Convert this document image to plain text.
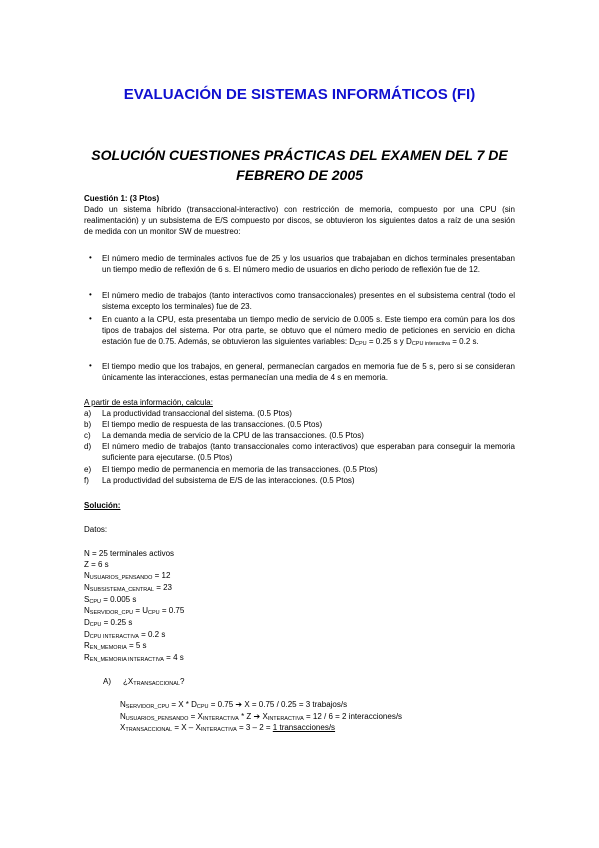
EVALUACIÓN DE SISTEMAS INFORMÁTICOS (FI)
SOLUCIÓN CUESTIONES PRÁCTICAS DEL EXAMEN DEL 7 DE FEBRERO DE 2005
Cuestión 1: (3 Ptos)
Dado un sistema híbrido (transaccional-interactivo) con restricción de memoria, compuesto por una CPU (sin realimentación) y un subsistema de E/S compuesto por discos, se obtuvieron los siguientes datos a raíz de una sesión de medida con un monitor SW de muestreo:
• El número medio de terminales activos fue de 25 y los usuarios que trabajaban en dichos terminales presentaban un tiempo medio de reflexión de 6 s. El número medio de usuarios en dicho periodo de reflexión fue de 12.
• El número medio de trabajos (tanto interactivos como transaccionales) presentes en el subsistema central (todo el sistema excepto los terminales) fue de 23.
• En cuanto a la CPU, esta presentaba un tiempo medio de servicio de 0.005 s. Este tiempo era común para los dos tipos de trabajos del sistema. Por otra parte, se obtuvo que el número medio de peticiones en servicio en dicha estación fue de 0.75. Además, se obtuvieron las siguientes variables: $D_{CPU} = 0.25$ s y $D_{CPU interactiva} = 0.2$ s.
• El tiempo medio que los trabajos, en general, permanecían cargados en memoria fue de 5 s, pero si se consideran únicamente las interacciones, estas permanecían una media de 4 s en memoria.
A partir de esta información, calcula:
a) La productividad transaccional del sistema. (0.5 Ptos)
b) El tiempo medio de respuesta de las transacciones. (0.5 Ptos)
c) La demanda media de servicio de la CPU de las transacciones. (0.5 Ptos)
d) El número medio de trabajos (tanto transaccionales como interactivos) que esperaban para conseguir la memoria suficiente para ejecutarse. (0.5 Ptos)
e) El tiempo medio de permanencia en memoria de las transacciones. (0.5 Ptos)
f) La productividad del subsistema de E/S de las interacciones. (0.5 Ptos)
Solución:
Datos:
N = 25 terminales activos
Z = 6 s
$N_{USUARIOS\_PENSANDO} = 12$
$N_{SUBSISTEMA\_CENTRAL} = 23$
$S_{CPU} = 0.005$ s
$N_{SERVIDOR\_CPU} = U_{CPU} = 0.75$
$D_{CPU} = 0.25$ s
$D_{CPU INTERACTIVA} = 0.2$ s
$R_{EN\_MEMORIA} = 5$ s
$R_{EN\_MEMORIA INTERACTIVA} = 4$ s
A) ¿$X_{TRANSACCIONAL}$?
$N_{SERVIDOR\_CPU} = X * D_{CPU} = 0.75$ ➔ X = 0.75 / 0.25 = 3 trabajos/s
$N_{USUARIOS\_PENSANDO} = X_{INTERACTIVA} * Z$ ➔ $X_{INTERACTIVA} = 12 / 6 = 2$ interacciones/s
$X_{TRANSACCIONAL} = X - X_{INTERACTIVA} = 3 - 2 = 1$ transacciones/s
